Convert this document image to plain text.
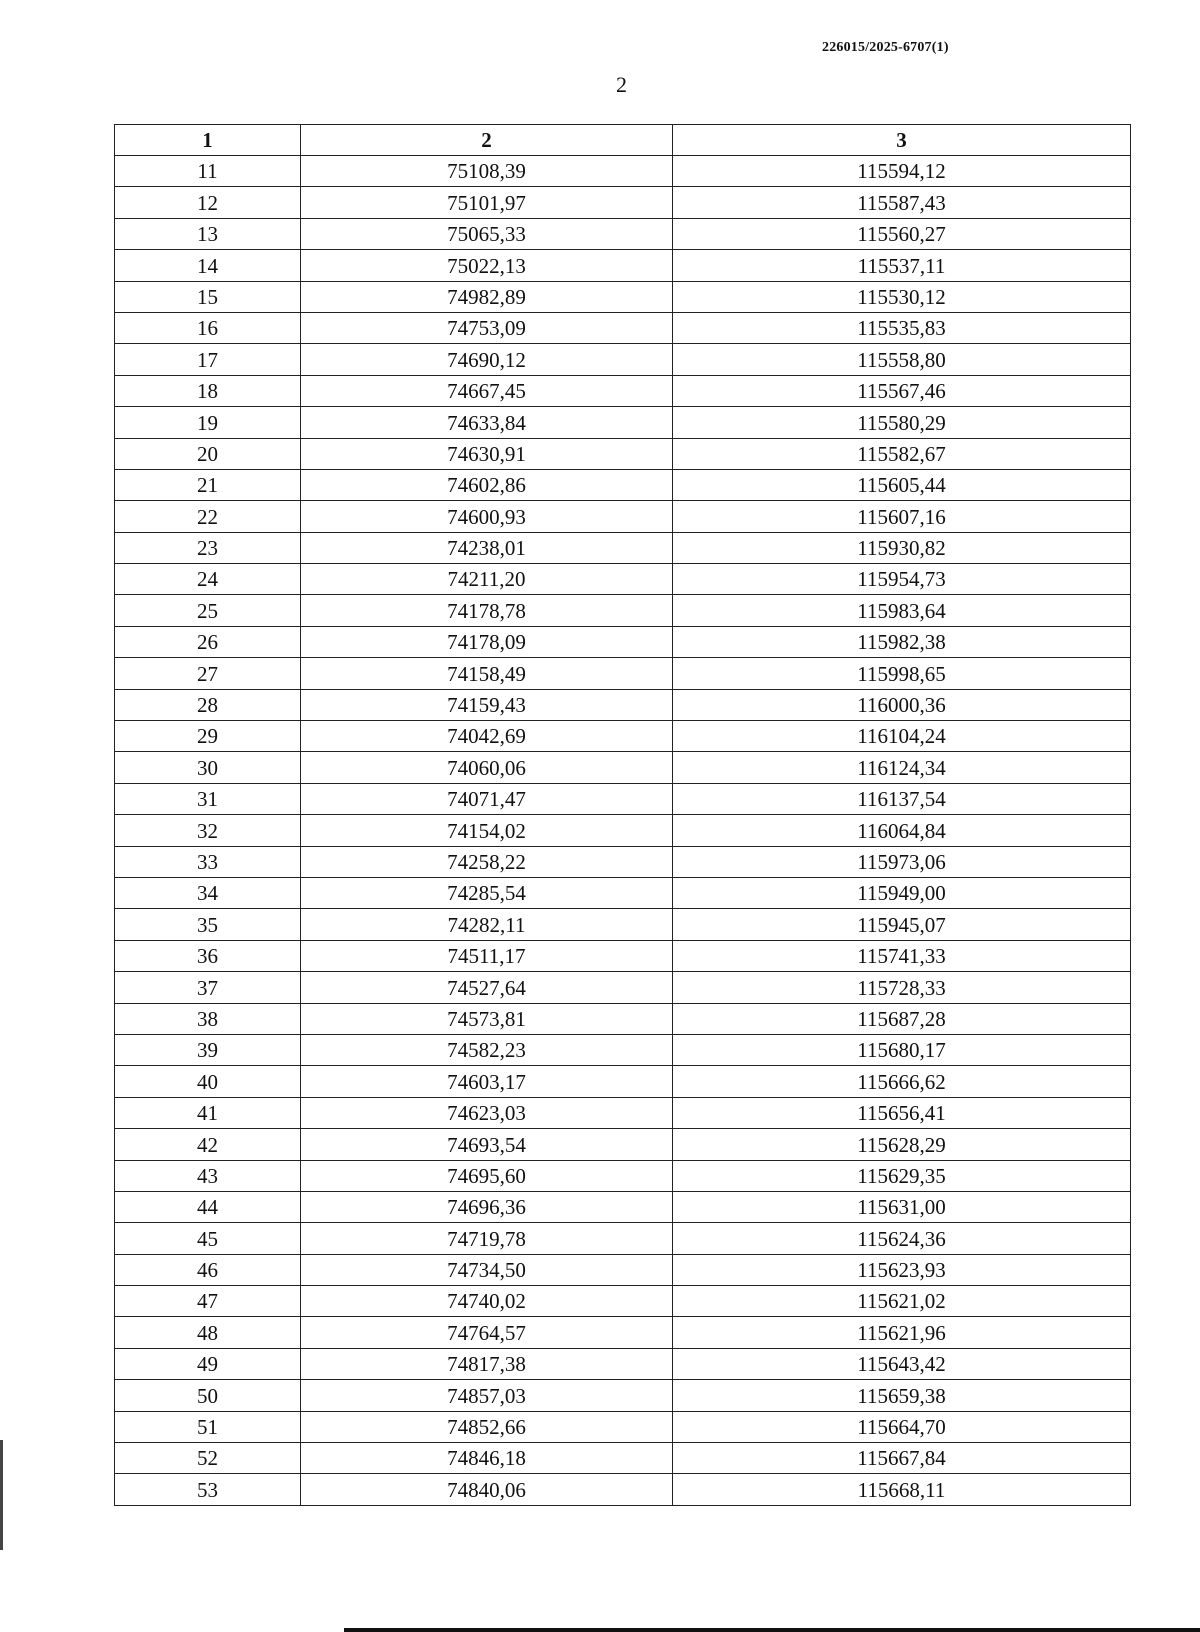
226015/2025-6707(1)
2
1	2	3
11	75108,39	115594,12
12	75101,97	115587,43
13	75065,33	115560,27
14	75022,13	115537,11
15	74982,89	115530,12
16	74753,09	115535,83
17	74690,12	115558,80
18	74667,45	115567,46
19	74633,84	115580,29
20	74630,91	115582,67
21	74602,86	115605,44
22	74600,93	115607,16
23	74238,01	115930,82
24	74211,20	115954,73
25	74178,78	115983,64
26	74178,09	115982,38
27	74158,49	115998,65
28	74159,43	116000,36
29	74042,69	116104,24
30	74060,06	116124,34
31	74071,47	116137,54
32	74154,02	116064,84
33	74258,22	115973,06
34	74285,54	115949,00
35	74282,11	115945,07
36	74511,17	115741,33
37	74527,64	115728,33
38	74573,81	115687,28
39	74582,23	115680,17
40	74603,17	115666,62
41	74623,03	115656,41
42	74693,54	115628,29
43	74695,60	115629,35
44	74696,36	115631,00
45	74719,78	115624,36
46	74734,50	115623,93
47	74740,02	115621,02
48	74764,57	115621,96
49	74817,38	115643,42
50	74857,03	115659,38
51	74852,66	115664,70
52	74846,18	115667,84
53	74840,06	115668,11
